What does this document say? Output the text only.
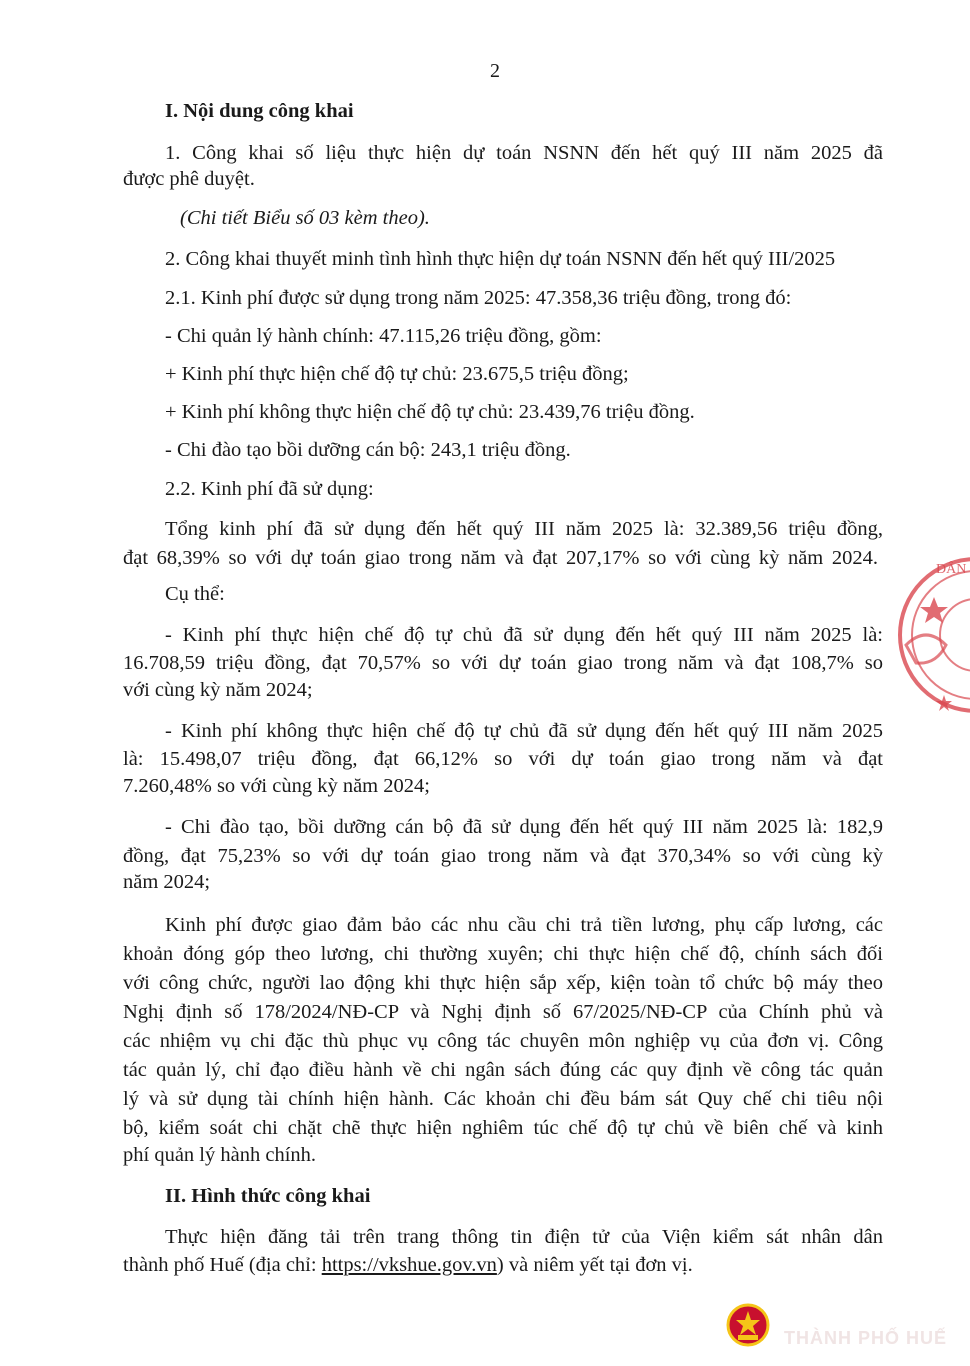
2
I. Nội dung công khai
1. Công khai số liệu thực hiện dự toán NSNN đến hết quý III năm 2025 đã
được phê duyệt.
(Chi tiết Biểu số 03 kèm theo).
2. Công khai thuyết minh tình hình thực hiện dự toán NSNN đến hết quý III/2025
2.1. Kinh phí được sử dụng trong năm 2025: 47.358,36 triệu đồng, trong đó:
- Chi quản lý hành chính: 47.115,26 triệu đồng, gồm:
+ Kinh phí thực hiện chế độ tự chủ: 23.675,5 triệu đồng;
+ Kinh phí không thực hiện chế độ tự chủ: 23.439,76 triệu đồng.
- Chi đào tạo bồi dưỡng cán bộ: 243,1 triệu đồng.
2.2. Kinh phí đã sử dụng:
Tổng kinh phí đã sử dụng đến hết quý III năm 2025 là: 32.389,56 triệu đồng,
đạt 68,39% so với dự toán giao trong năm và đạt 207,17% so với cùng kỳ năm 2024.
Cụ thể:
- Kinh phí thực hiện chế độ tự chủ đã sử dụng đến hết quý III năm 2025 là:
16.708,59 triệu đồng, đạt 70,57% so với dự toán giao trong năm và đạt 108,7% so
với cùng kỳ năm 2024;
- Kinh phí không thực hiện chế độ tự chủ đã sử dụng đến hết quý III năm 2025
là: 15.498,07 triệu đồng, đạt 66,12% so với dự toán giao trong năm và đạt
7.260,48% so với cùng kỳ năm 2024;
- Chi đào tạo, bồi dưỡng cán bộ đã sử dụng đến hết quý III năm 2025 là: 182,9
đồng, đạt 75,23% so với dự toán giao trong năm và đạt 370,34% so với cùng kỳ
năm 2024;
Kinh phí được giao đảm bảo các nhu cầu chi trả tiền lương, phụ cấp lương, các
khoản đóng góp theo lương, chi thường xuyên; chi thực hiện chế độ, chính sách đối
với công chức, người lao động khi thực hiện sắp xếp, kiện toàn tổ chức bộ máy theo
Nghị định số 178/2024/NĐ-CP và Nghị định số 67/2025/NĐ-CP của Chính phủ và
các nhiệm vụ chi đặc thù phục vụ công tác chuyên môn nghiệp vụ của đơn vị. Công
tác quản lý, chỉ đạo điều hành về chi ngân sách đúng các quy định về công tác quản
lý và sử dụng tài chính hiện hành. Các khoản chi đều bám sát Quy chế chi tiêu nội
bộ, kiểm soát chi chặt chẽ thực hiện nghiêm túc chế độ tự chủ về biên chế và kinh
phí quản lý hành chính.
II. Hình thức công khai
Thực hiện đăng tải trên trang thông tin điện tử của Viện kiểm sát nhân dân
thành phố Huế (địa chỉ: https://vkshue.gov.vn) và niêm yết tại đơn vị.
DÂN
THÀNH PHỐ HUẾ
